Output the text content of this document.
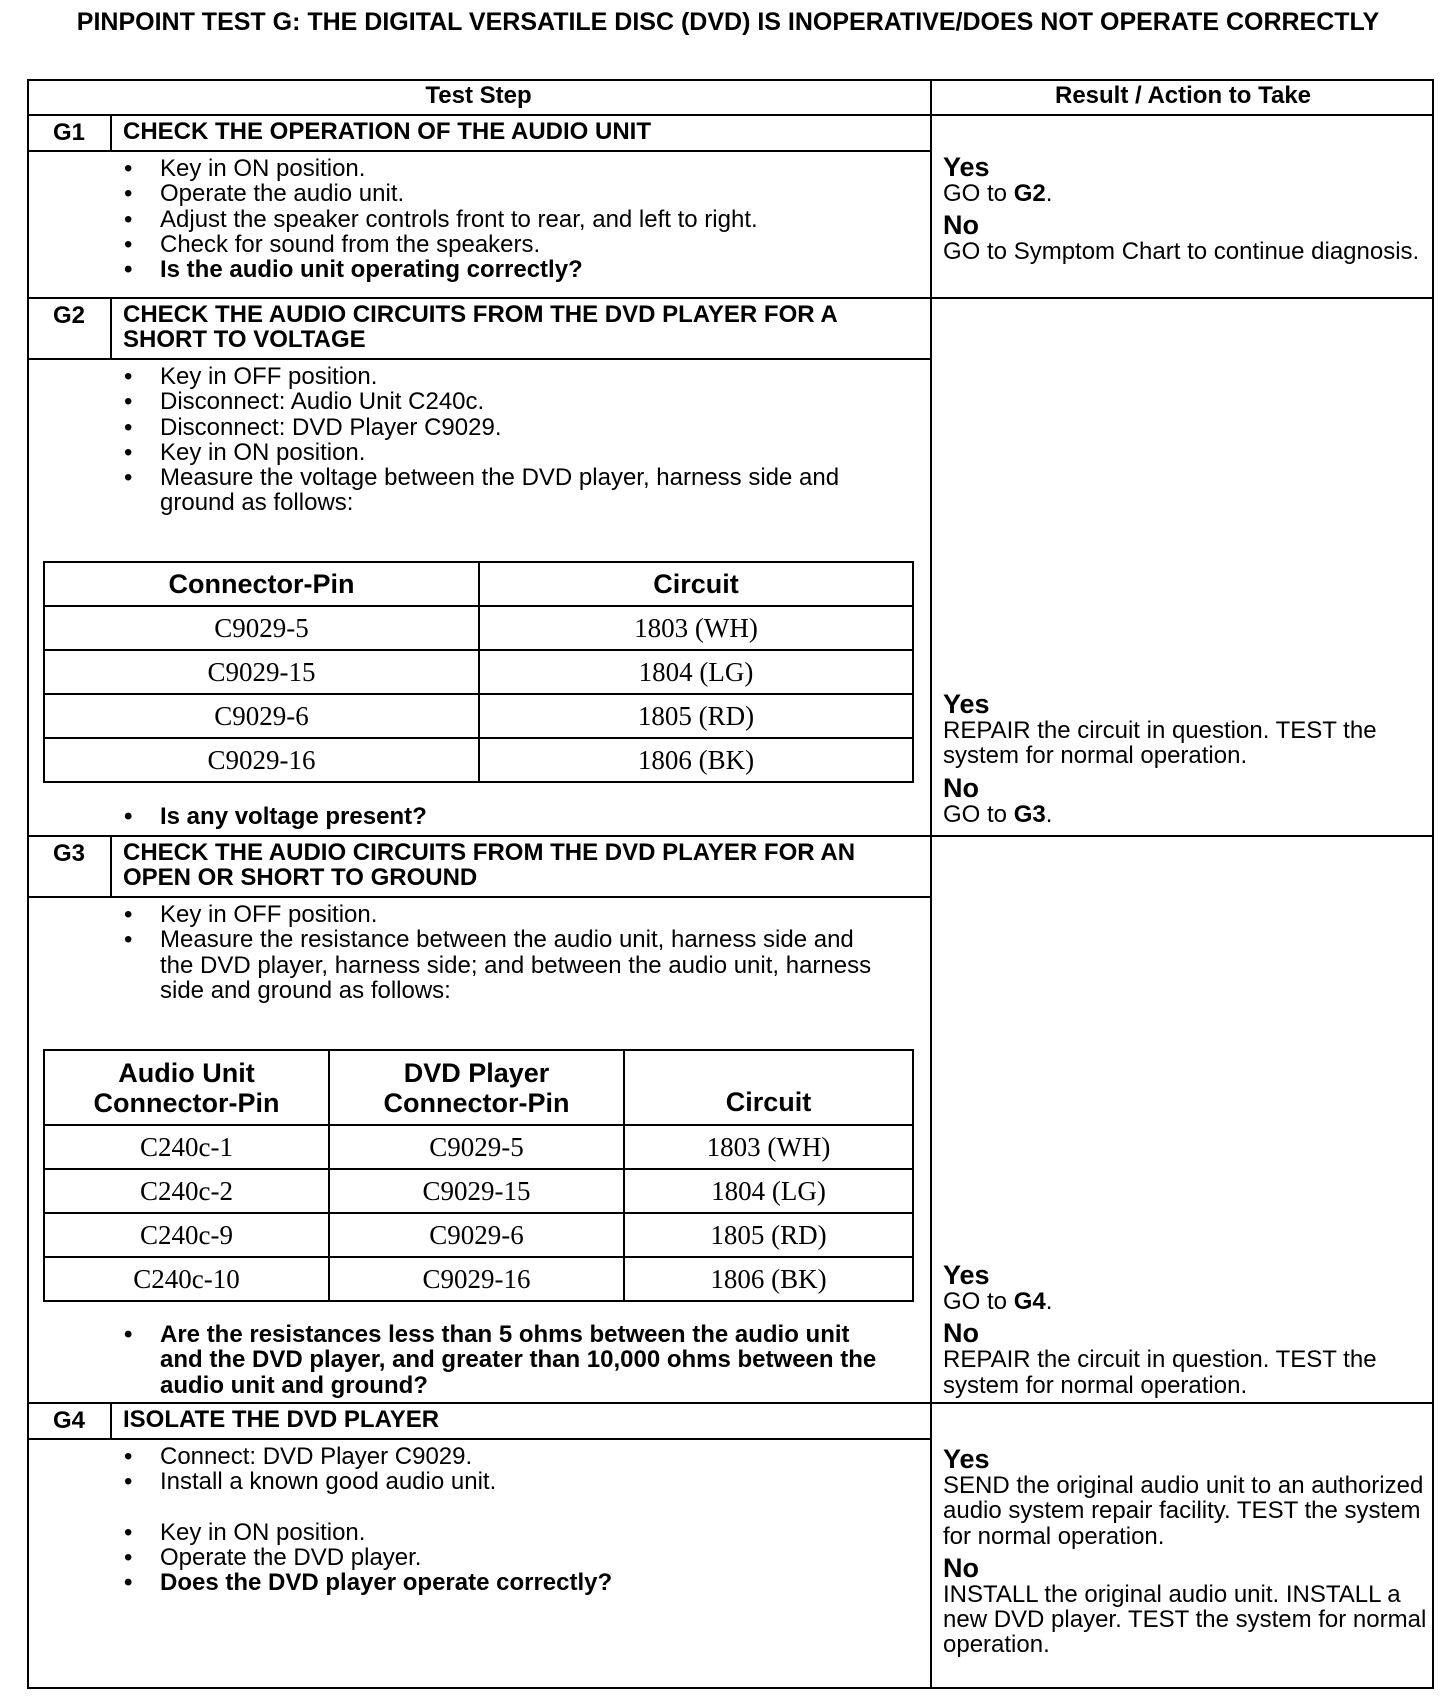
PINPOINT TEST G: THE DIGITAL VERSATILE DISC (DVD) IS INOPERATIVE/DOES NOT OPERATE CORRECTLY
Test Step	Result / Action to Take
G1	CHECK THE OPERATION OF THE AUDIO UNIT
• Key in ON position.
• Operate the audio unit.
• Adjust the speaker controls front to rear, and left to right.
• Check for sound from the speakers.
• Is the audio unit operating correctly?
Yes
GO to G2.
No
GO to Symptom Chart to continue diagnosis.
G2	CHECK THE AUDIO CIRCUITS FROM THE DVD PLAYER FOR A SHORT TO VOLTAGE
• Key in OFF position.
• Disconnect: Audio Unit C240c.
• Disconnect: DVD Player C9029.
• Key in ON position.
• Measure the voltage between the DVD player, harness side and ground as follows:
Connector-Pin	Circuit
C9029-5	1803 (WH)
C9029-15	1804 (LG)
C9029-6	1805 (RD)
C9029-16	1806 (BK)
• Is any voltage present?
Yes
REPAIR the circuit in question. TEST the system for normal operation.
No
GO to G3.
G3	CHECK THE AUDIO CIRCUITS FROM THE DVD PLAYER FOR AN OPEN OR SHORT TO GROUND
• Key in OFF position.
• Measure the resistance between the audio unit, harness side and the DVD player, harness side; and between the audio unit, harness side and ground as follows:
Audio Unit Connector-Pin	DVD Player Connector-Pin	Circuit
C240c-1	C9029-5	1803 (WH)
C240c-2	C9029-15	1804 (LG)
C240c-9	C9029-6	1805 (RD)
C240c-10	C9029-16	1806 (BK)
• Are the resistances less than 5 ohms between the audio unit and the DVD player, and greater than 10,000 ohms between the audio unit and ground?
Yes
GO to G4.
No
REPAIR the circuit in question. TEST the system for normal operation.
G4	ISOLATE THE DVD PLAYER
• Connect: DVD Player C9029.
• Install a known good audio unit.
• Key in ON position.
• Operate the DVD player.
• Does the DVD player operate correctly?
Yes
SEND the original audio unit to an authorized audio system repair facility. TEST the system for normal operation.
No
INSTALL the original audio unit. INSTALL a new DVD player. TEST the system for normal operation.
